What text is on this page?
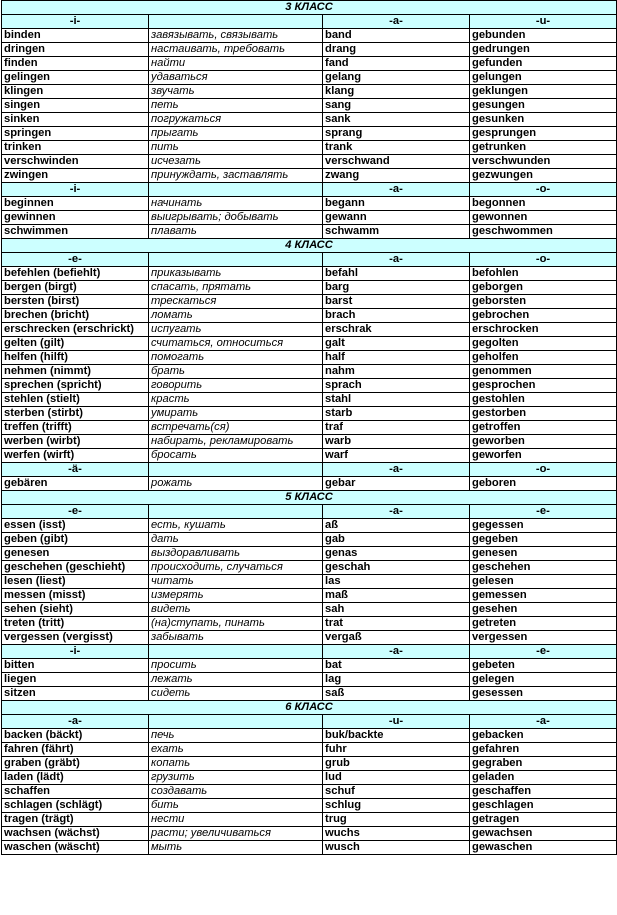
3 КЛАСС			
-i-		-a-	-u-
binden	завязывать, связывать	band	gebunden
dringen	настаивать, требовать	drang	gedrungen
finden	найти	fand	gefunden
gelingen	удаваться	gelang	gelungen
klingen	звучать	klang	geklungen
singen	петь	sang	gesungen
sinken	погружаться	sank	gesunken
springen	прыгать	sprang	gesprungen
trinken	пить	trank	getrunken
verschwinden	исчезать	verschwand	verschwunden
zwingen	принуждать, заставлять	zwang	gezwungen
-i-		-a-	-o-
beginnen	начинать	begann	begonnen
gewinnen	выигрывать; добывать	gewann	gewonnen
schwimmen	плавать	schwamm	geschwommen
4 КЛАСС			
-e-		-a-	-o-
befehlen (befiehlt)	приказывать	befahl	befohlen
bergen (birgt)	спасать, прятать	barg	geborgen
bersten (birst)	трескаться	barst	geborsten
brechen (bricht)	ломать	brach	gebrochen
erschrecken (erschrickt)	испугать	erschrak	erschrocken
gelten (gilt)	считаться, относиться	galt	gegolten
helfen (hilft)	помогать	half	geholfen
nehmen (nimmt)	брать	nahm	genommen
sprechen (spricht)	говорить	sprach	gesprochen
stehlen (stielt)	красть	stahl	gestohlen
sterben (stirbt)	умирать	starb	gestorben
treffen (trifft)	встречать(ся)	traf	getroffen
werben (wirbt)	набирать, рекламировать	warb	geworben
werfen (wirft)	бросать	warf	geworfen
-ä-		-a-	-o-
gebären	рожать	gebar	geboren
5 КЛАСС			
-e-		-a-	-e-
essen (isst)	есть, кушать	aß	gegessen
geben (gibt)	дать	gab	gegeben
genesen	выздоравливать	genas	genesen
geschehen (geschieht)	происходить, случаться	geschah	geschehen
lesen (liest)	читать	las	gelesen
messen (misst)	измерять	maß	gemessen
sehen (sieht)	видеть	sah	gesehen
treten (tritt)	(на)ступать, пинать	trat	getreten
vergessen (vergisst)	забывать	vergaß	vergessen
-i-		-a-	-e-
bitten	просить	bat	gebeten
liegen	лежать	lag	gelegen
sitzen	сидеть	saß	gesessen
6 КЛАСС			
-a-		-u-	-a-
backen (bäckt)	печь	buk/backte	gebacken
fahren (fährt)	ехать	fuhr	gefahren
graben (gräbt)	копать	grub	gegraben
laden (lädt)	грузить	lud	geladen
schaffen	создавать	schuf	geschaffen
schlagen (schlägt)	бить	schlug	geschlagen
tragen (trägt)	нести	trug	getragen
wachsen (wächst)	расти; увеличиваться	wuchs	gewachsen
waschen (wäscht)	мыть	wusch	gewaschen
